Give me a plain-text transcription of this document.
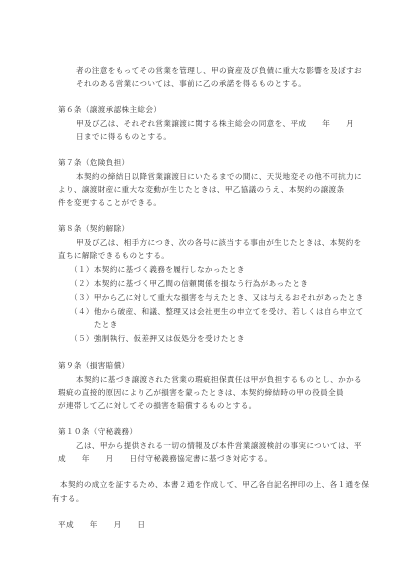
者の注意をもってその営業を管理し、甲の資産及び負債に重大な影響を及ぼすお
それのある営業については、事前に乙の承諾を得るものとする。
第６条（譲渡承認株主総会）
甲及び乙は、それぞれ営業譲渡に関する株主総会の同意を、平成　　年　　月
日までに得るものとする。
第７条（危険負担）
本契約の締結日以降営業譲渡日にいたるまでの間に、天災地変その他不可抗力に
より、譲渡財産に重大な変動が生じたときは、甲乙協議のうえ、本契約の譲渡条
件を変更することができる。
第８条（契約解除）
甲及び乙は、相手方につき、次の各号に該当する事由が生じたときは、本契約を
直ちに解除できるものとする。
（１）本契約に基づく義務を履行しなかったとき
（２）本契約に基づく甲乙間の信頼関係を損なう行為があったとき
（３）甲から乙に対して重大な損害を与えたとき、又は与えるおそれがあったとき
（４）他から破産、和議、整理又は会社更生の申立てを受け、若しくは自ら申立て
　　　たとき
（５）強制執行、仮差押又は仮処分を受けたとき
第９条（損害賠償）
本契約に基づき譲渡された営業の瑕疵担保責任は甲が負担するものとし、かかる
瑕疵の直接的原因により乙が損害を蒙ったときは、本契約締結時の甲の役員全員
が連帯して乙に対してその損害を賠償するものとする。
第１０条（守秘義務）
乙は、甲から提供される一切の情報及び本件営業譲渡検討の事実については、平
成　　年　　月　　日付守秘義務協定書に基づき対応する。
本契約の成立を証するため、本書２通を作成して、甲乙各自記名押印の上、各１通を保
有する。
平成　　年　　月　　日
